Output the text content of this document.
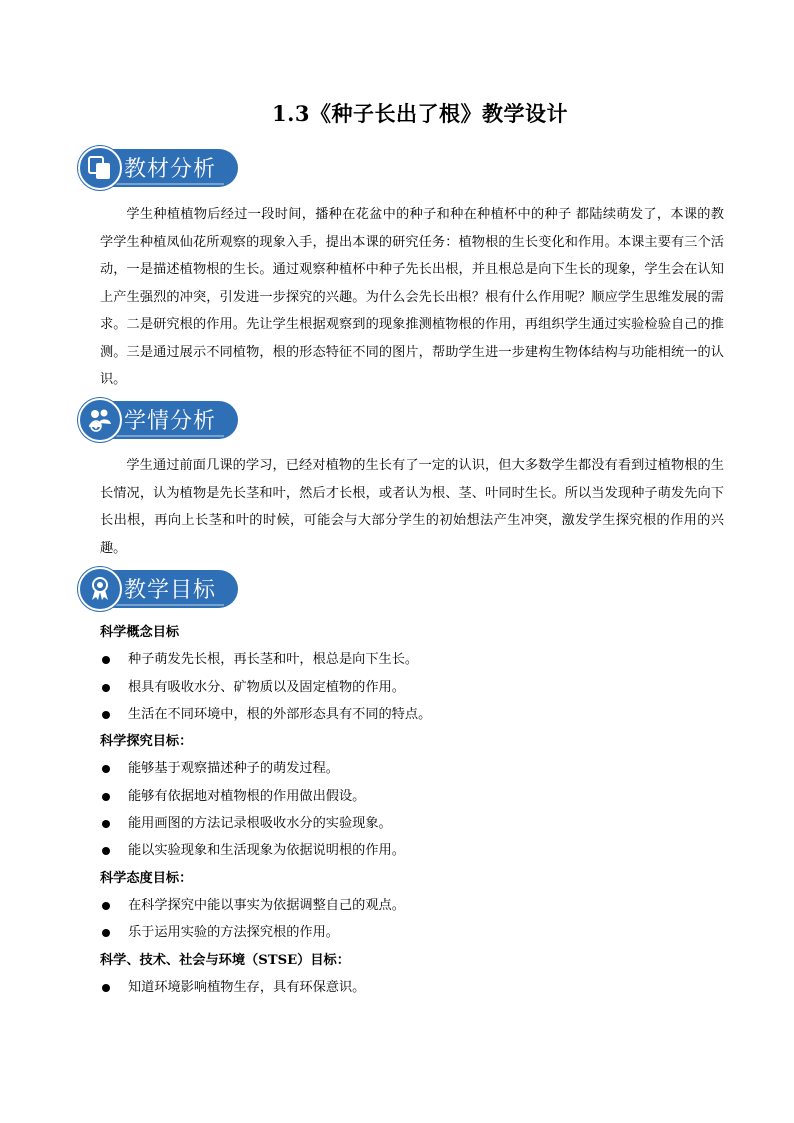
1.3《种子长出了根》教学设计
教材分析
学生种植植物后经过一段时间，播种在花盆中的种子和种在种植杯中的种子 都陆续萌发了，本课的教学学生种植凤仙花所观察的现象入手，提出本课的研究任务：植物根的生长变化和作用。本课主要有三个活动，一是描述植物根的生长。通过观察种植杯中种子先长出根，并且根总是向下生长的现象，学生会在认知上产生强烈的冲突，引发进一步探究的兴趣。为什么会先长出根？根有什么作用呢？顺应学生思维发展的需求。二是研究根的作用。先让学生根据观察到的现象推测植物根的作用，再组织学生通过实验检验自己的推测。三是通过展示不同植物，根的形态特征不同的图片，帮助学生进一步建构生物体结构与功能相统一的认识。
学情分析
学生通过前面几课的学习，已经对植物的生长有了一定的认识，但大多数学生都没有看到过植物根的生长情况，认为植物是先长茎和叶，然后才长根，或者认为根、茎、叶同时生长。所以当发现种子萌发先向下长出根，再向上长茎和叶的时候，可能会与大部分学生的初始想法产生冲突，激发学生探究根的作用的兴趣。
教学目标
科学概念目标
种子萌发先长根，再长茎和叶，根总是向下生长。
根具有吸收水分、矿物质以及固定植物的作用。
生活在不同环境中，根的外部形态具有不同的特点。
科学探究目标：
能够基于观察描述种子的萌发过程。
能够有依据地对植物根的作用做出假设。
能用画图的方法记录根吸收水分的实验现象。
能以实验现象和生活现象为依据说明根的作用。
科学态度目标：
在科学探究中能以事实为依据调整自己的观点。
乐于运用实验的方法探究根的作用。
科学、技术、社会与环境（STSE）目标：
知道环境影响植物生存，具有环保意识。
